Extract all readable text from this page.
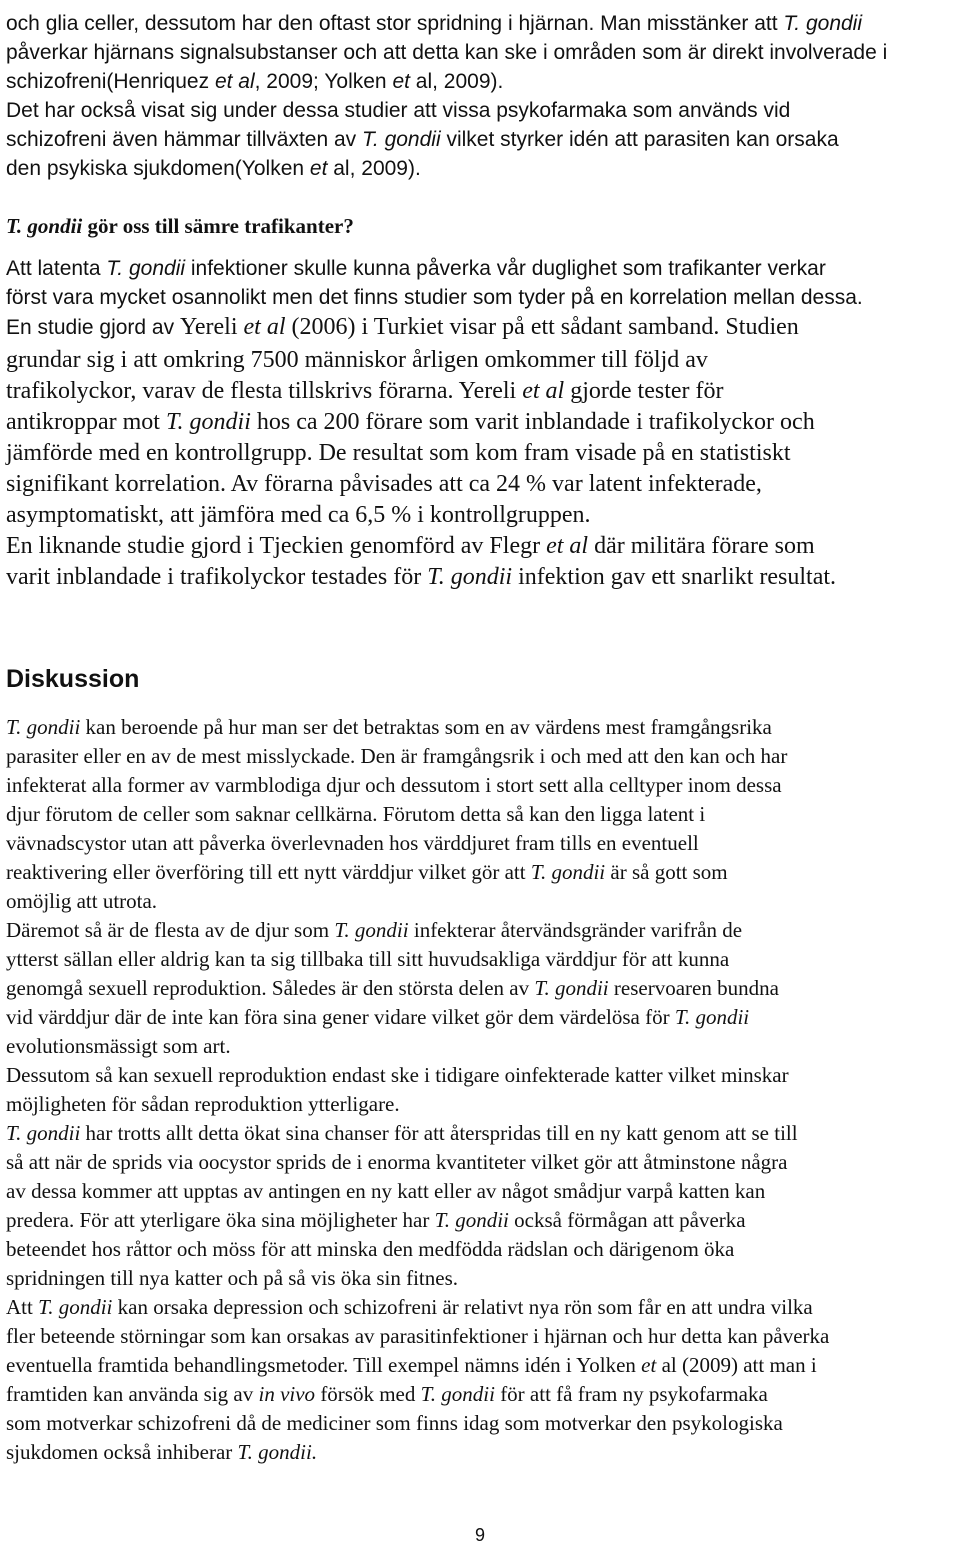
och glia celler, dessutom har den oftast stor spridning i hjärnan. Man misstänker att T. gondii
påverkar hjärnans signalsubstanser och att detta kan ske i områden som är direkt involverade i
schizofreni(Henriquez et al, 2009; Yolken et al, 2009).
Det har också visat sig under dessa studier att vissa psykofarmaka som används vid
schizofreni även hämmar tillväxten av T. gondii vilket styrker idén att parasiten kan orsaka
den psykiska sjukdomen(Yolken et al, 2009).
T. gondii gör oss till sämre trafikanter?
Att latenta T. gondii infektioner skulle kunna påverka vår duglighet som trafikanter verkar
först vara mycket osannolikt men det finns studier som tyder på en korrelation mellan dessa.
En studie gjord av Yereli et al (2006) i Turkiet visar på ett sådant samband. Studien
grundar sig i att omkring 7500 människor årligen omkommer till följd av
trafikolyckor, varav de flesta tillskrivs förarna. Yereli et al gjorde tester för
antikroppar mot T. gondii hos ca 200 förare som varit inblandade i trafikolyckor och
jämförde med en kontrollgrupp. De resultat som kom fram visade på en statistiskt
signifikant korrelation. Av förarna påvisades att ca 24 % var latent infekterade,
asymptomatiskt, att jämföra med ca 6,5 % i kontrollgruppen.
En liknande studie gjord i Tjeckien genomförd av Flegr et al där militära förare som
varit inblandade i trafikolyckor testades för T. gondii infektion gav ett snarlikt resultat.
Diskussion
T. gondii kan beroende på hur man ser det betraktas som en av värdens mest framgångsrika
parasiter eller en av de mest misslyckade. Den är framgångsrik i och med att den kan och har
infekterat alla former av varmblodiga djur och dessutom i stort sett alla celltyper inom dessa
djur förutom de celler som saknar cellkärna. Förutom detta så kan den ligga latent i
vävnadscystor utan att påverka överlevnaden hos värddjuret fram tills en eventuell
reaktivering eller överföring till ett nytt värddjur vilket gör att T. gondii är så gott som
omöjlig att utrota.
Däremot så är de flesta av de djur som T. gondii infekterar återvändsgränder varifrån de
ytterst sällan eller aldrig kan ta sig tillbaka till sitt huvudsakliga värddjur för att kunna
genomgå sexuell reproduktion. Således är den största delen av T. gondii reservoaren bundna
vid värddjur där de inte kan föra sina gener vidare vilket gör dem värdelösa för T. gondii
evolutionsmässigt som art.
Dessutom så kan sexuell reproduktion endast ske i tidigare oinfekterade katter vilket minskar
möjligheten för sådan reproduktion ytterligare.
T. gondii har trotts allt detta ökat sina chanser för att återspridas till en ny katt genom att se till
så att när de sprids via oocystor sprids de i enorma kvantiteter vilket gör att åtminstone några
av dessa kommer att upptas av antingen en ny katt eller av något smådjur varpå katten kan
predera. För att yterligare öka sina möjligheter har T. gondii också förmågan att påverka
beteendet hos råttor och möss för att minska den medfödda rädslan och därigenom öka
spridningen till nya katter och på så vis öka sin fitnes.
Att T. gondii kan orsaka depression och schizofreni är relativt nya rön som får en att undra vilka
fler beteende störningar som kan orsakas av parasitinfektioner i hjärnan och hur detta kan påverka
eventuella framtida behandlingsmetoder. Till exempel nämns idén i Yolken et al (2009) att man i
framtiden kan använda sig av in vivo försök med T. gondii för att få fram ny psykofarmaka
som motverkar schizofreni då de mediciner som finns idag som motverkar den psykologiska
sjukdomen också inhiberar T. gondii.
9
